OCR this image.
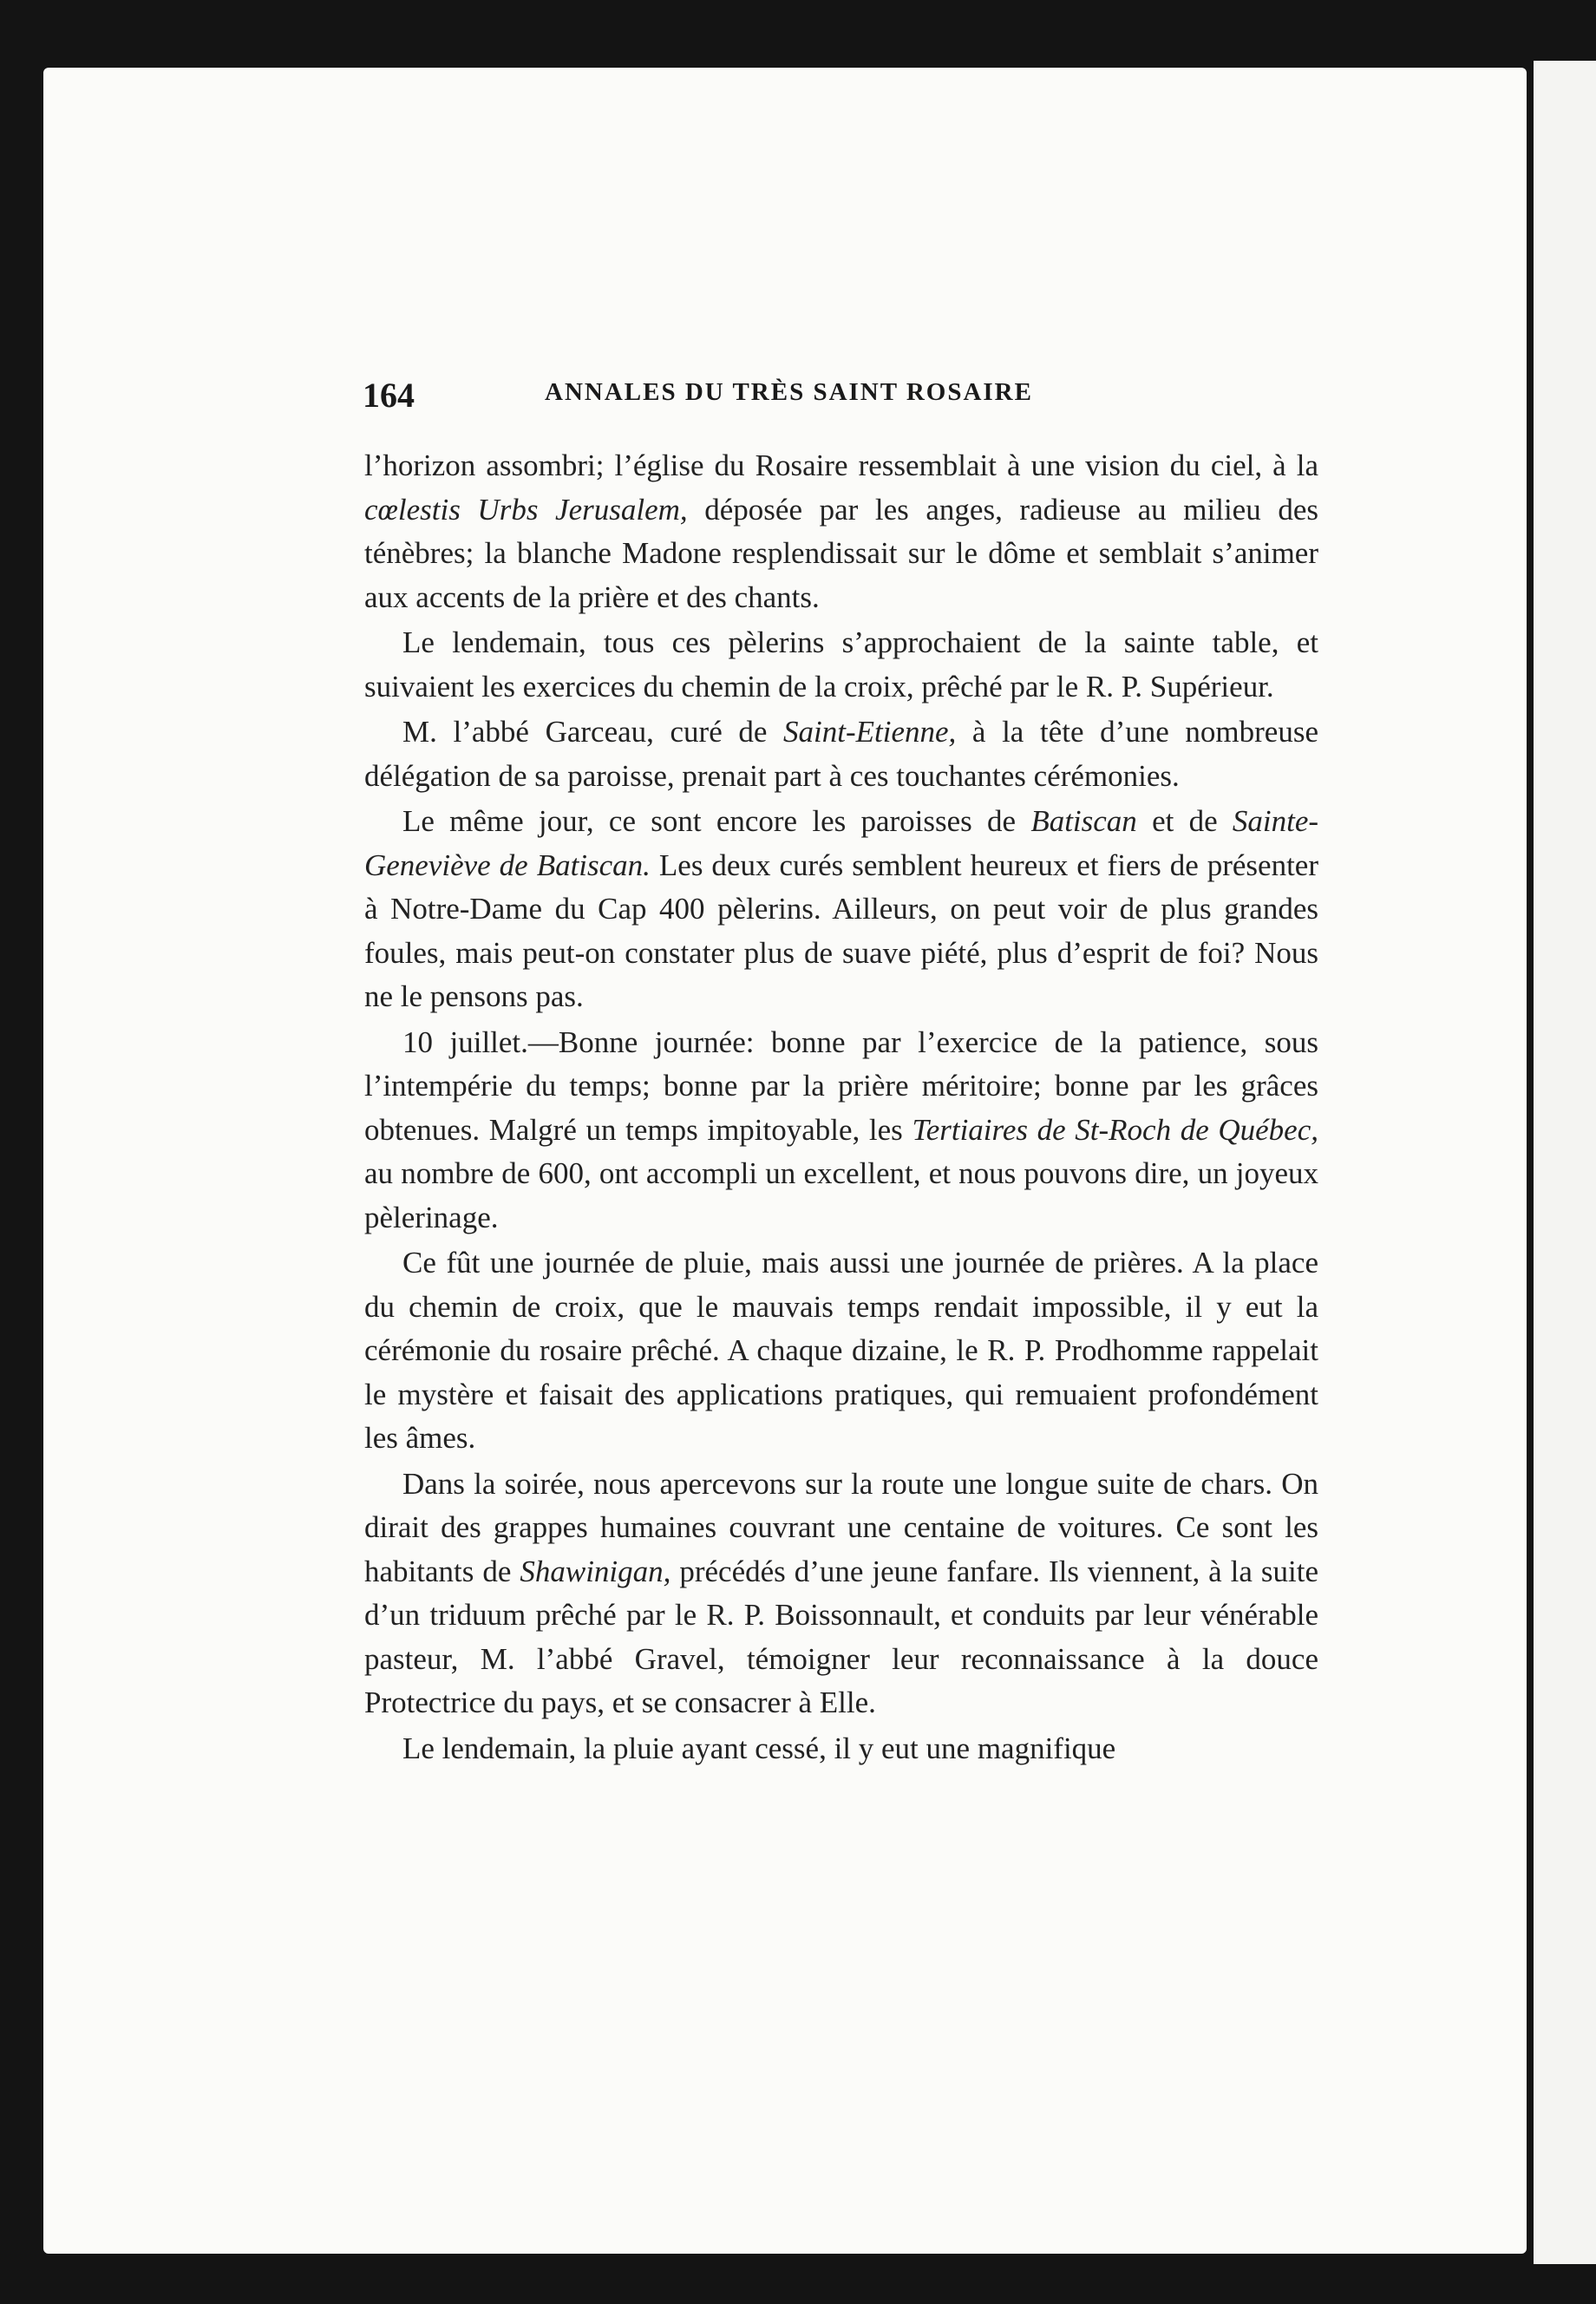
164	ANNALES DU TRÈS SAINT ROSAIRE

l’horizon assombri; l’église du Rosaire ressemblait à une vision du ciel, à la cœlestis Urbs Jerusalem, déposée par les anges, radieuse au milieu des ténèbres; la blanche Madone resplendissait sur le dôme et semblait s’animer aux accents de la prière et des chants.

Le lendemain, tous ces pèlerins s’approchaient de la sainte table, et suivaient les exercices du chemin de la croix, prêché par le R. P. Supérieur.

M. l’abbé Garceau, curé de Saint-Etienne, à la tête d’une nombreuse délégation de sa paroisse, prenait part à ces touchantes cérémonies.

Le même jour, ce sont encore les paroisses de Batiscan et de Sainte-Geneviève de Batiscan. Les deux curés semblent heureux et fiers de présenter à Notre-Dame du Cap 400 pèlerins. Ailleurs, on peut voir de plus grandes foules, mais peut-on constater plus de suave piété, plus d’esprit de foi? Nous ne le pensons pas.

10 juillet.—Bonne journée: bonne par l’exercice de la patience, sous l’intempérie du temps; bonne par la prière méritoire; bonne par les grâces obtenues. Malgré un temps impitoyable, les Tertiaires de St-Roch de Québec, au nombre de 600, ont accompli un excellent, et nous pouvons dire, un joyeux pèlerinage.

Ce fût une journée de pluie, mais aussi une journée de prières. A la place du chemin de croix, que le mauvais temps rendait impossible, il y eut la cérémonie du rosaire prêché. A chaque dizaine, le R. P. Prodhomme rappelait le mystère et faisait des applications pratiques, qui remuaient profondément les âmes.

Dans la soirée, nous apercevons sur la route une longue suite de chars. On dirait des grappes humaines couvrant une centaine de voitures. Ce sont les habitants de Shawinigan, précédés d’une jeune fanfare. Ils viennent, à la suite d’un triduum prêché par le R. P. Boissonnault, et conduits par leur vénérable pasteur, M. l’abbé Gravel, témoigner leur reconnaissance à la douce Protectrice du pays, et se consacrer à Elle.

Le lendemain, la pluie ayant cessé, il y eut une magnifique
